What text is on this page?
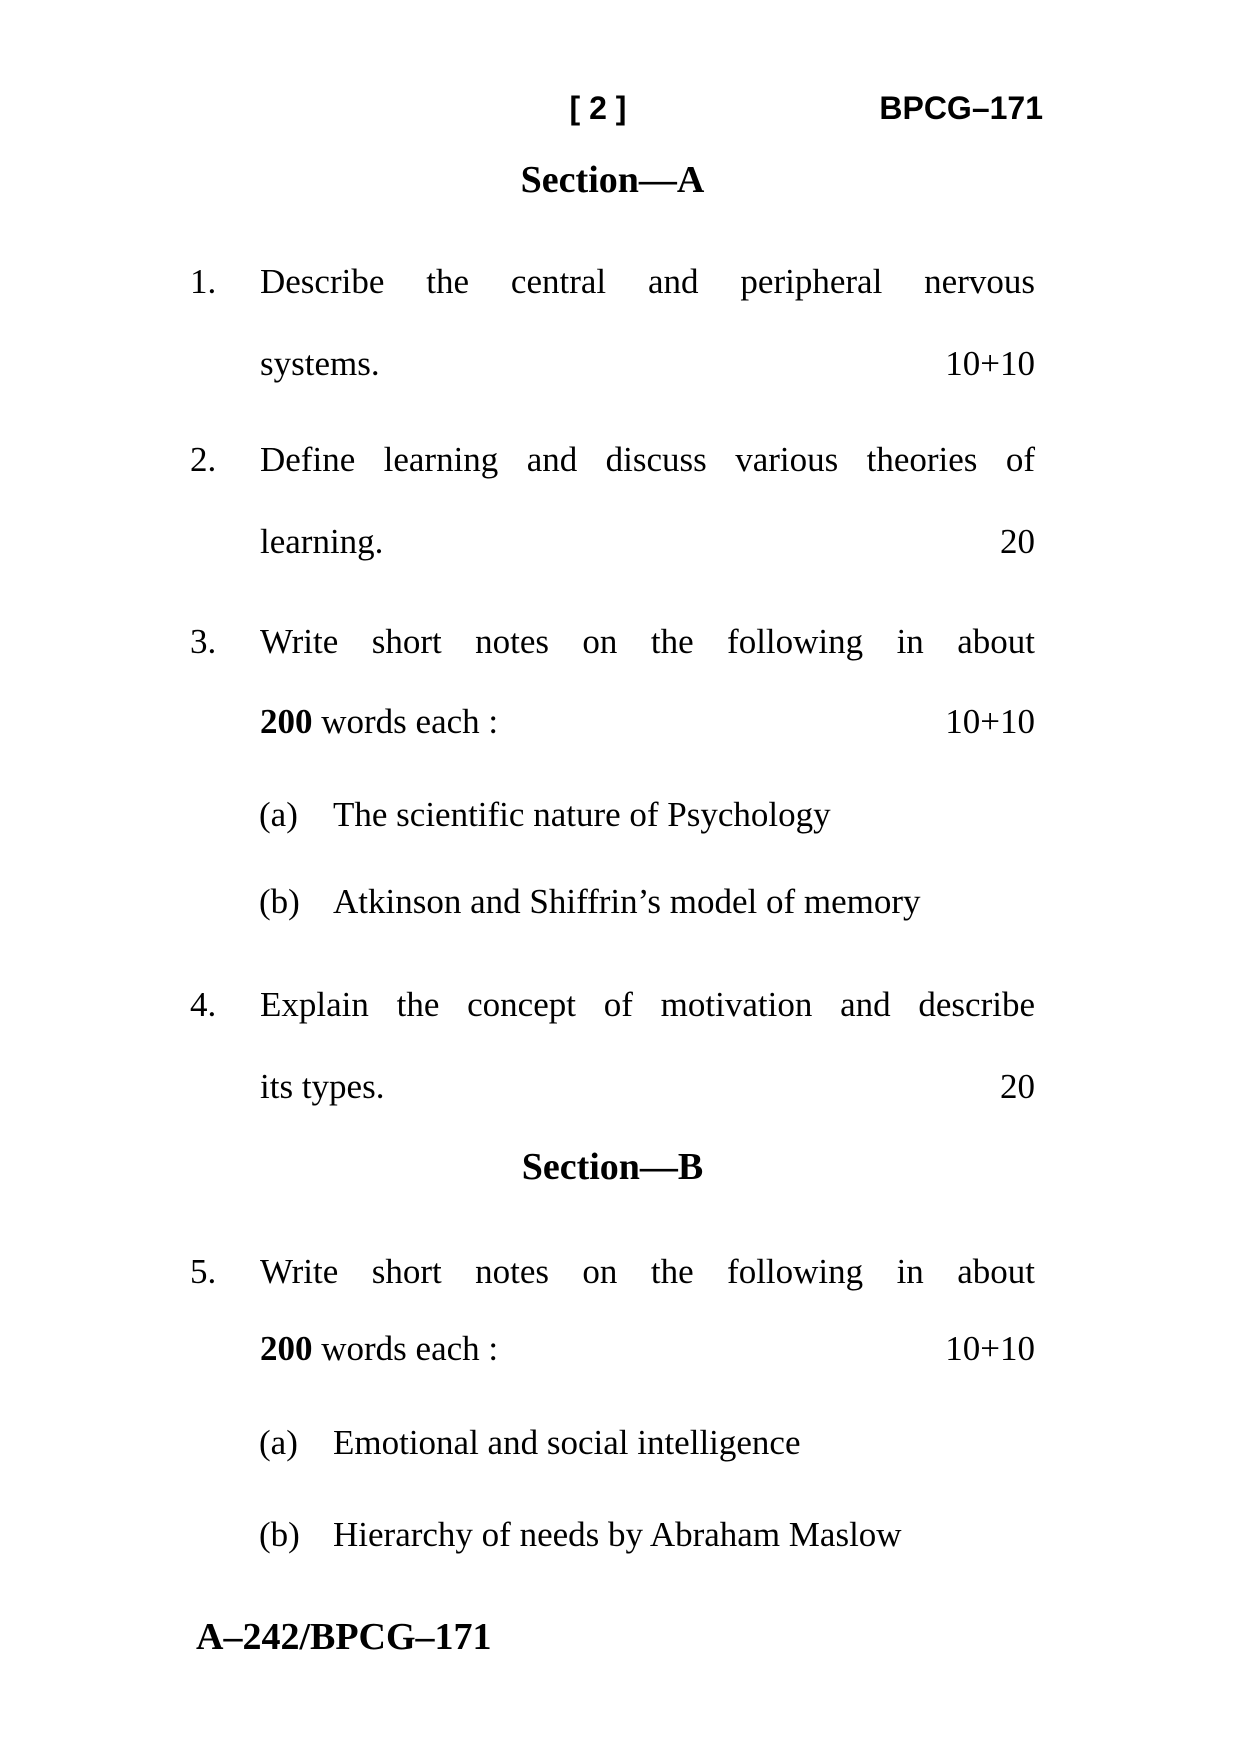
[ 2 ]	BPCG–171
Section—A
1. Describe the central and peripheral nervous
systems.	10+10
2. Define learning and discuss various theories of
learning.	20
3. Write short notes on the following in about
200 words each :	10+10
(a) The scientific nature of Psychology
(b) Atkinson and Shiffrin’s model of memory
4. Explain the concept of motivation and describe
its types.	20
Section—B
5. Write short notes on the following in about
200 words each :	10+10
(a) Emotional and social intelligence
(b) Hierarchy of needs by Abraham Maslow
A–242/BPCG–171
